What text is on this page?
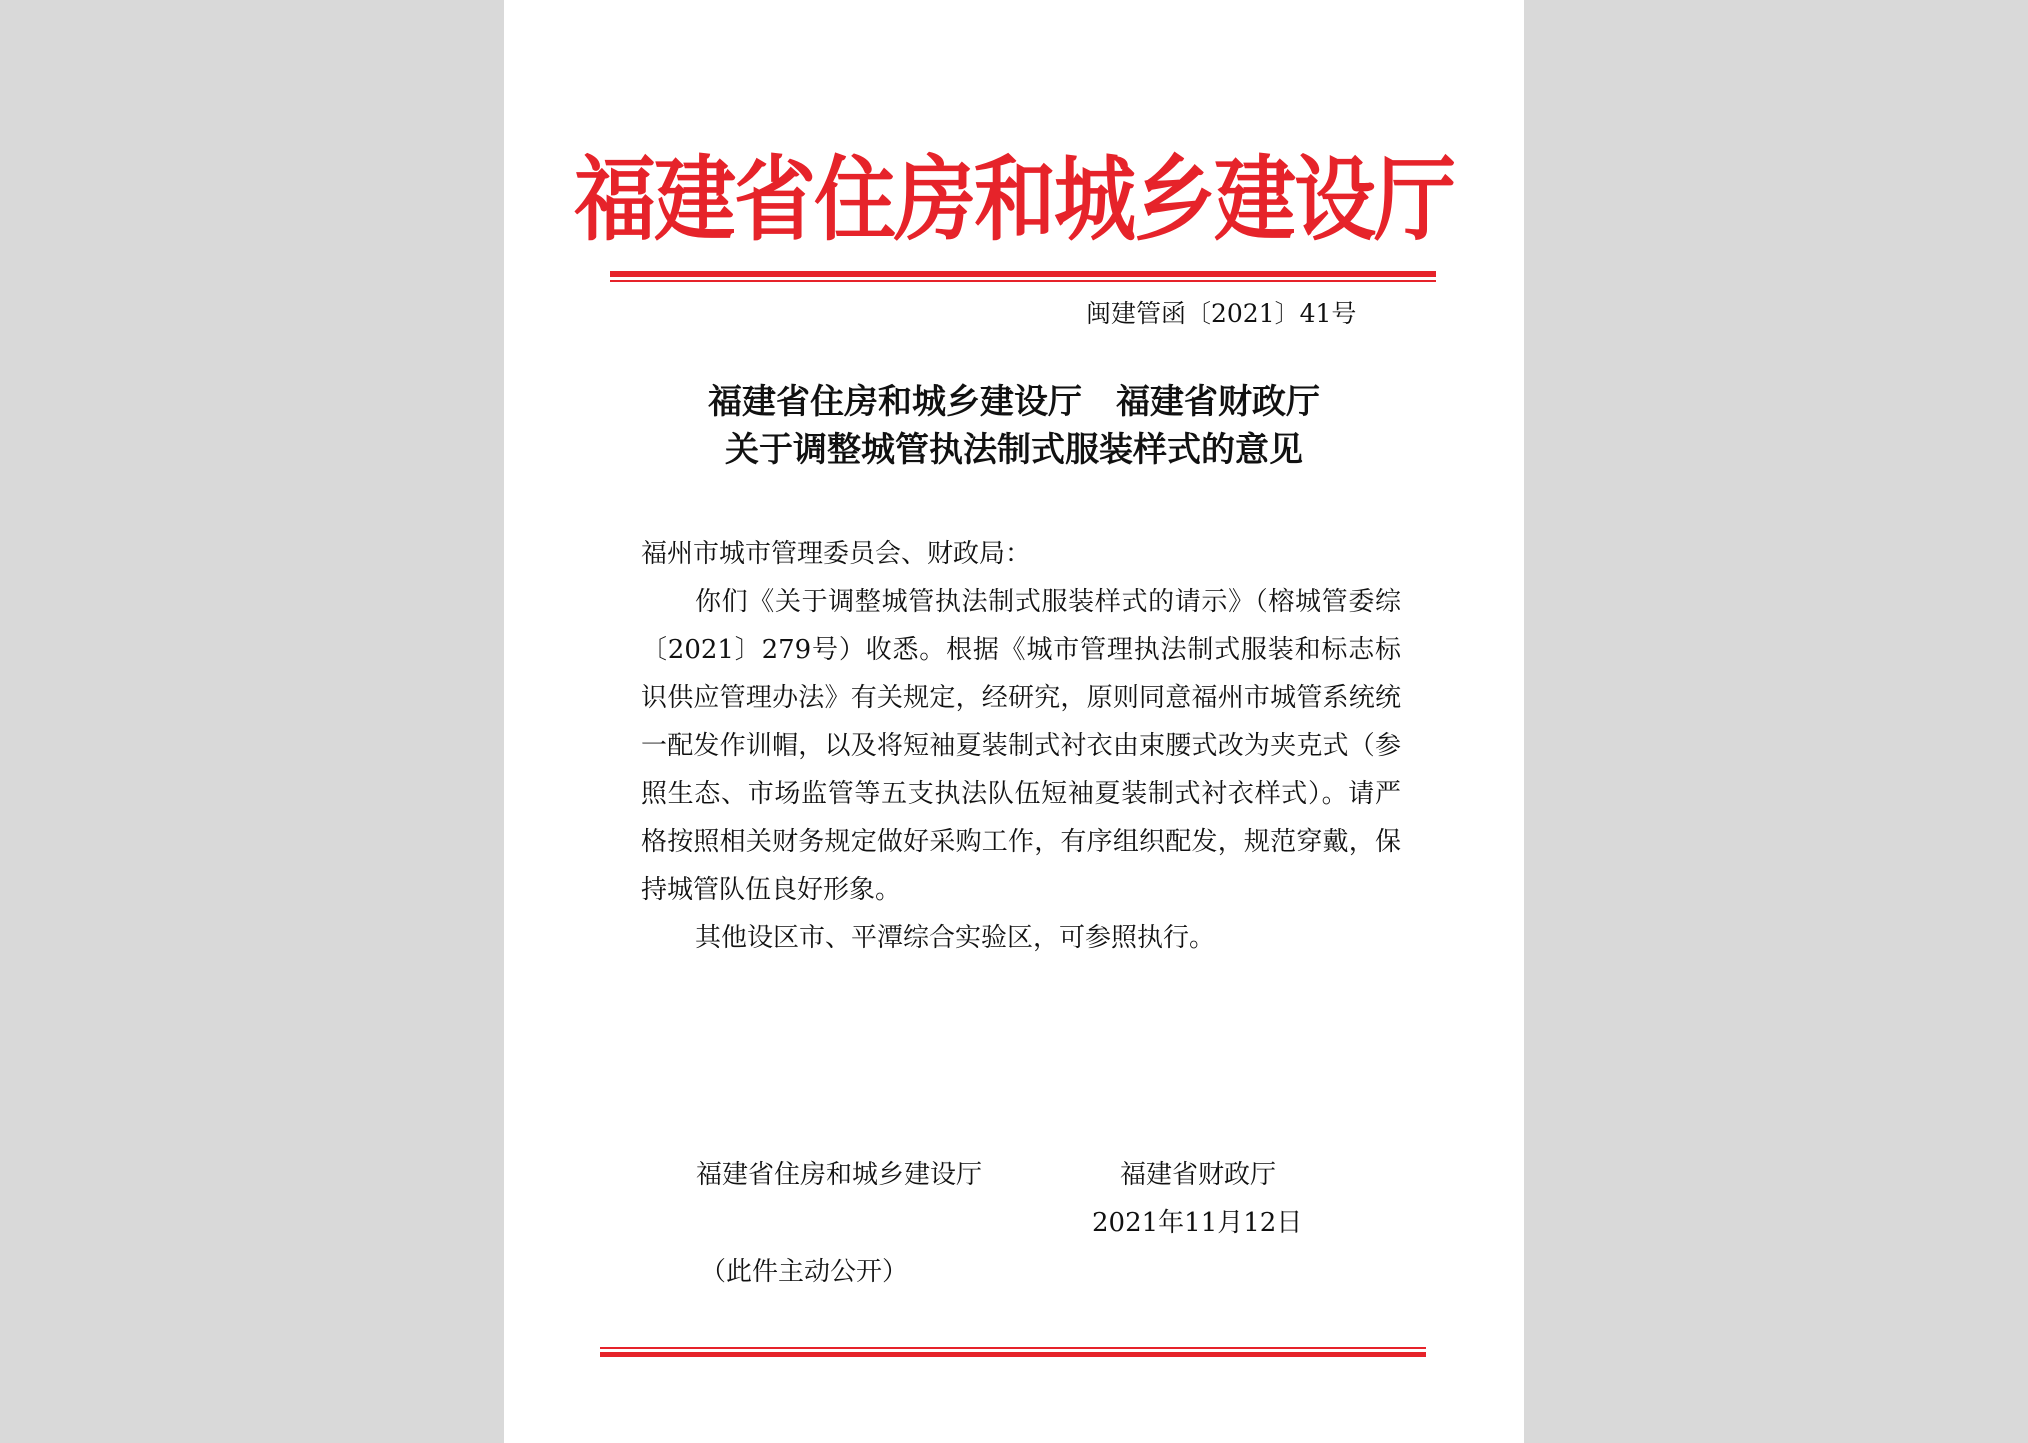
福建省住房和城乡建设厅
闽建管函〔2021〕41号
福建省住房和城乡建设厅　福建省财政厅
关于调整城管执法制式服装样式的意见
福州市城市管理委员会、财政局：
你们《关于调整城管执法制式服装样式的请示》（榕城管委综〔2021〕279号）收悉。根据《城市管理执法制式服装和标志标识供应管理办法》有关规定，经研究，原则同意福州市城管系统统一配发作训帽，以及将短袖夏装制式衬衣由束腰式改为夹克式（参照生态、市场监管等五支执法队伍短袖夏装制式衬衣样式）。请严格按照相关财务规定做好采购工作，有序组织配发，规范穿戴，保持城管队伍良好形象。
其他设区市、平潭综合实验区，可参照执行。
福建省住房和城乡建设厅	福建省财政厅
2021年11月12日
（此件主动公开）
